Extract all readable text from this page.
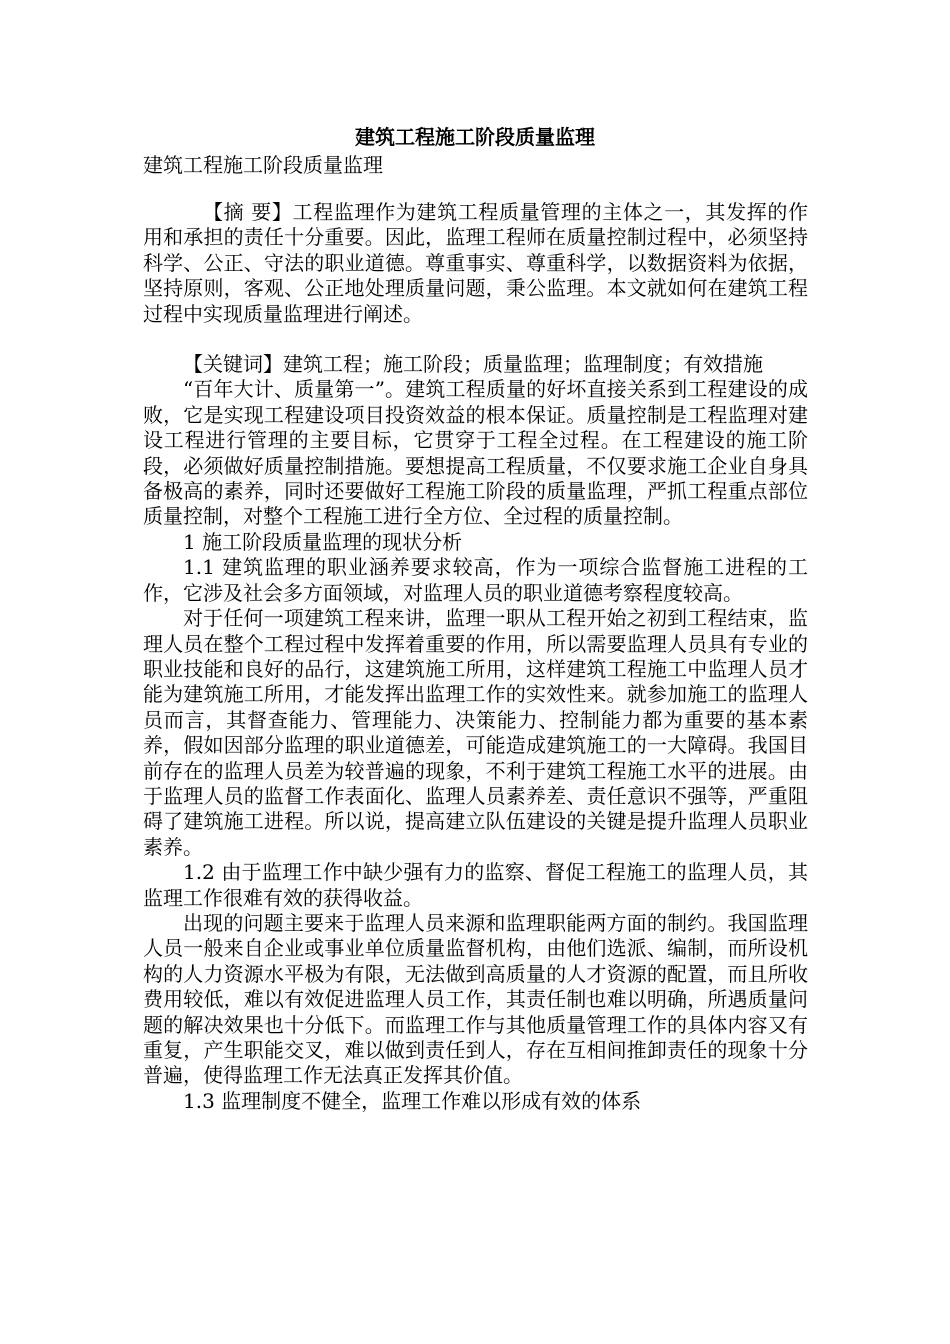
建筑工程施工阶段质量监理
建筑工程施工阶段质量监理

【摘 要】工程监理作为建筑工程质量管理的主体之一，其发挥的作用和承担的责任十分重要。因此，监理工程师在质量控制过程中，必须坚持科学、公正、守法的职业道德。尊重事实、尊重科学，以数据资料为依据，坚持原则，客观、公正地处理质量问题，秉公监理。本文就如何在建筑工程过程中实现质量监理进行阐述。

【关键词】建筑工程；施工阶段；质量监理；监理制度；有效措施

“百年大计、质量第一”。建筑工程质量的好坏直接关系到工程建设的成败，它是实现工程建设项目投资效益的根本保证。质量控制是工程监理对建设工程进行管理的主要目标，它贯穿于工程全过程。在工程建设的施工阶段，必须做好质量控制措施。要想提高工程质量，不仅要求施工企业自身具备极高的素养，同时还要做好工程施工阶段的质量监理，严抓工程重点部位质量控制，对整个工程施工进行全方位、全过程的质量控制。

1 施工阶段质量监理的现状分析

1.1 建筑监理的职业涵养要求较高，作为一项综合监督施工进程的工作，它涉及社会多方面领域，对监理人员的职业道德考察程度较高。

对于任何一项建筑工程来讲，监理一职从工程开始之初到工程结束，监理人员在整个工程过程中发挥着重要的作用，所以需要监理人员具有专业的职业技能和良好的品行，这建筑施工所用，这样建筑工程施工中监理人员才能为建筑施工所用，才能发挥出监理工作的实效性来。就参加施工的监理人员而言，其督查能力、管理能力、决策能力、控制能力都为重要的基本素养，假如因部分监理的职业道德差，可能造成建筑施工的一大障碍。我国目前存在的监理人员差为较普遍的现象，不利于建筑工程施工水平的进展。由于监理人员的监督工作表面化、监理人员素养差、责任意识不强等，严重阻碍了建筑施工进程。所以说，提高建立队伍建设的关键是提升监理人员职业素养。

1.2 由于监理工作中缺少强有力的监察、督促工程施工的监理人员，其监理工作很难有效的获得收益。

出现的问题主要来于监理人员来源和监理职能两方面的制约。我国监理人员一般来自企业或事业单位质量监督机构，由他们选派、编制，而所设机构的人力资源水平极为有限，无法做到高质量的人才资源的配置，而且所收费用较低，难以有效促进监理人员工作，其责任制也难以明确，所遇质量问题的解决效果也十分低下。而监理工作与其他质量管理工作的具体内容又有重复，产生职能交叉，难以做到责任到人，存在互相间推卸责任的现象十分普遍，使得监理工作无法真正发挥其价值。

1.3 监理制度不健全，监理工作难以形成有效的体系
